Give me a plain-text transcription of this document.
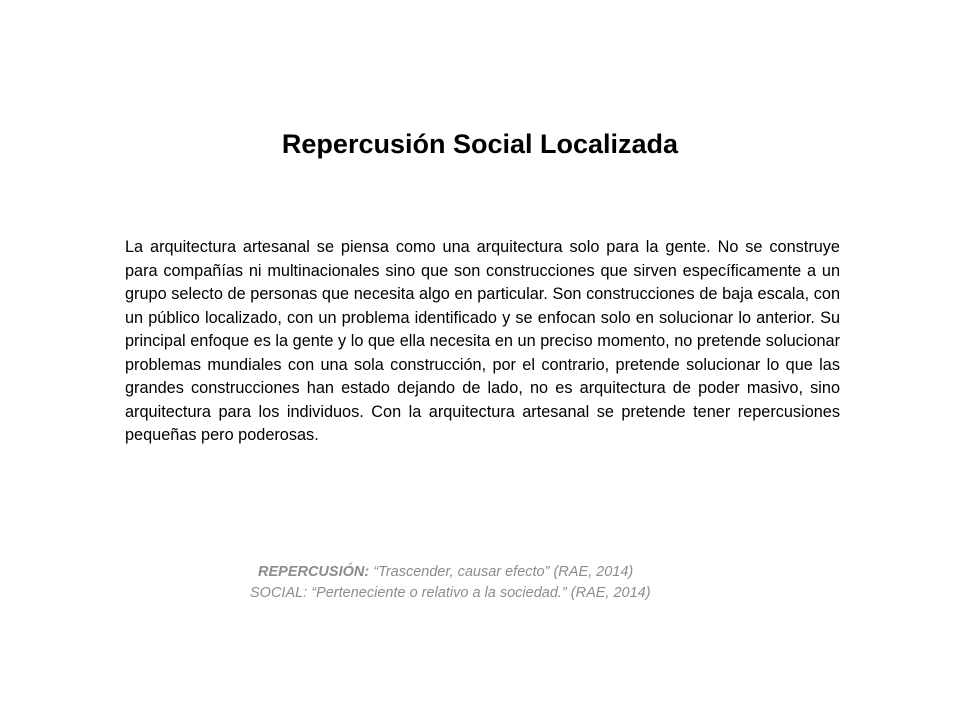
Repercusión Social Localizada
La arquitectura artesanal se piensa como una arquitectura solo para la gente. No se construye para compañías ni multinacionales sino que son construcciones que sirven específicamente a un grupo selecto de personas que necesita algo en particular. Son construcciones de baja escala, con un público localizado, con un problema identificado y se enfocan solo en solucionar lo anterior. Su principal enfoque es la gente y lo que ella necesita en un preciso momento, no pretende solucionar problemas mundiales con una sola construcción, por el contrario, pretende solucionar lo que las grandes construcciones han estado dejando de lado, no es arquitectura de poder masivo, sino arquitectura para los individuos. Con la arquitectura artesanal se pretende tener repercusiones pequeñas pero poderosas.
REPERCUSIÓN: “Trascender, causar efecto” (RAE, 2014)
SOCIAL: “Perteneciente o relativo a la sociedad.” (RAE, 2014)
